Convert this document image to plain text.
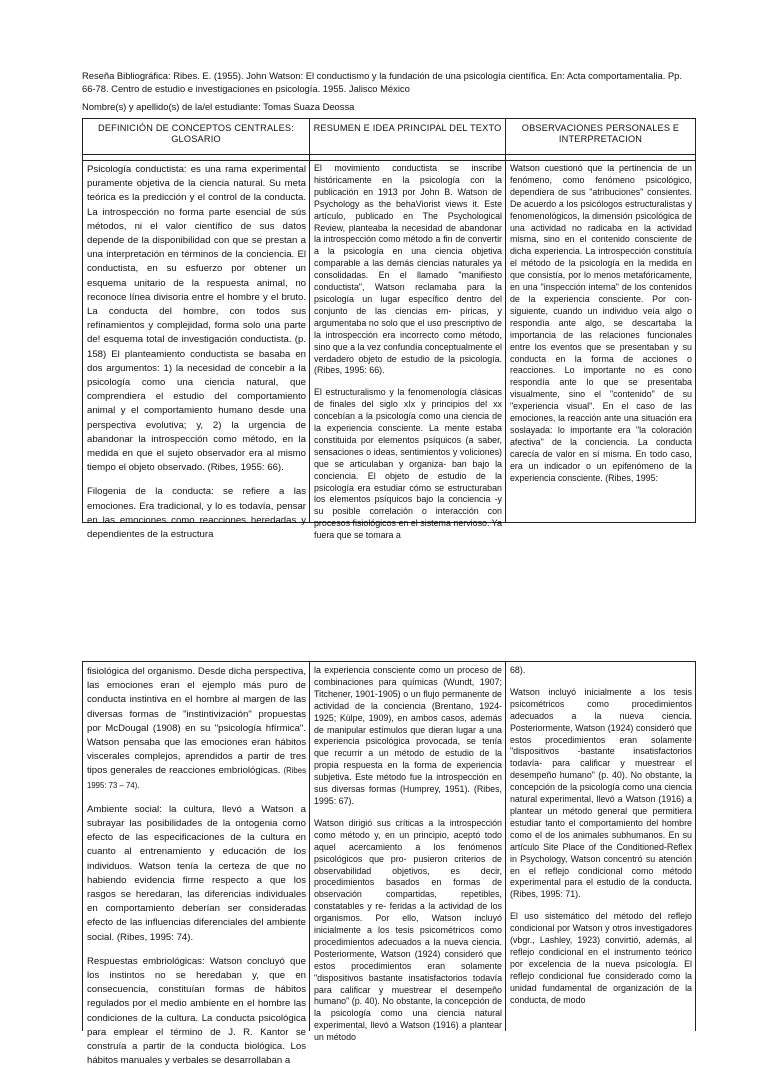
Reseña Bibliográfica: Ribes. E. (1955). John Watson: El conductismo y la fundación de una psicología científica. En: Acta comportamentalia. Pp. 66-78. Centro de estudio e investigaciones en psicología. 1955. Jalisco México
Nombre(s) y apellido(s) de la/el estudiante: Tomas Suaza Deossa
DEFINICIÓN DE CONCEPTOS CENTRALES: GLOSARIO

Psicología conductista: es una rama experimental puramente objetiva de la ciencia natural. Su meta teórica es la predicción y el control de la conducta. La introspección no forma parte esencial de sús métodos, ni el valor científico de sus datos depende de la disponibilidad con que se prestan a una interpretación en términos de la conciencia. El conductista, en su esfuerzo por obtener un esquema unitario de la respuesta animal, no reconoce línea divisoria entre el hombre y el bruto. La conducta del hombre, con todos sus refinamientos y complejidad, forma solo una parte de! esquema total de investigación conductista. (p. 158) El planteamiento conductista se basaba en dos argumentos: 1) la necesidad de concebir a la psicología como una ciencia natural, que comprendiera el estudio del comportamiento animal y el comportamiento humano desde una perspectiva evolutiva; y, 2) la urgencia de abandonar la introspección como método, en la medida en que el sujeto observador era al mismo tiempo el objeto observado. (Ribes, 1955: 66).

Filogenia de la conducta: se refiere a las emociones. Era tradicional, y lo es todavía, pensar en las emociones como reacciones heredadas y dependientes de la estructura

RESUMEN E IDEA PRINCIPAL DEL TEXTO

El movimiento conductista se inscribe históricamente en la psicología con la publicación en 1913 por John B. Watson de Psychology as the behaViorist views it. Este artículo, publicado en The Psychological Review, planteaba la necesidad de abandonar la introspección como método a fin de convertir a la psicología en una ciencia objetiva comparable a las demás ciencias naturales ya consolidadas. En el llamado "manifiesto conductista", Watson reclamaba para la psicología un lugar específico dentro del conjunto de las ciencias em- píricas, y argumentaba no solo que el uso prescriptivo de la introspección era incorrecto como método, sino que a la vez confundía conceptualmente el verdadero objeto de estudio de la psicología. (Ribes, 1995: 66).

El estructuralismo y la fenomenología clásicas de finales del siglo xIx y principios del xx concebían a la psicología como una ciencia de la experiencia consciente. La mente estaba constituida por elementos psíquicos (a saber, sensaciones o ideas, sentimientos y voliciones) que se articulaban y organiza- ban bajo la conciencia. El objeto de estudio de la psicología era estudiar cómo se estructuraban los elementos psíquicos bajo la conciencia -y su posible correlación o interacción con procesos fisiológicos en el sistema nervioso. Ya fuera que se tomara a

OBSERVACIONES PERSONALES E INTERPRETACION

Watson cuestionó que la pertinencia de un fenómeno, como fenómeno psicológico, dependiera de sus "atribuciones" consientes. De acuerdo a los psicólogos estructuralistas y fenomenológicos, la dimensión psicológica de una actividad no radicaba en la actividad misma, sino en el contenido consciente de dicha experiencia. La introspección constituía el método de la psicología en la medida en que consistía, por lo menos metafóricamente, en una "inspección interna" de los contenidos de la experiencia consciente. Por con- siguiente, cuando un individuo veía algo o respondía ante algo, se descartaba la importancia de las relaciones funcionales entre los eventos que se presentaban y su conducta en la forma de acciones o reacciones. Lo importante no es cono respondía ante lo que se presentaba visualmente, sino el "contenido" de su "experiencia visual". En el caso de las emociones, la reacción ante una situación era soslayada: lo importante era "la coloración afectiva" de la conciencia. La conducta carecía de valor en sí misma. En todo caso, era un indicador o un epifenómeno de la experiencia consciente. (Ribes, 1995:

fisiológica del organismo. Desde dicha perspectiva, las emociones eran el ejemplo más puro de conducta instintiva en el hombre al margen de las diversas formas de "instintivización" propuestas por McDougal (1908) en su "psicología hfírmica". Watson pensaba que las emociones eran hábitos viscerales complejos, aprendidos a partir de tres tipos generales de reacciones embriológicas. (Ribes 1995: 73 – 74).

Ambiente social: la cultura, llevó a Watson a subrayar las posibilidades de la ontogenia como efecto de las especificaciones de la cultura en cuanto al entrenamiento y educación de los individuos. Watson tenía la certeza de que no habiendo evidencia firme respecto a que los rasgos se heredaran, las diferencias individuales en comportamiento deberían ser consideradas efecto de las influencias diferenciales del ambiente social. (Ribes, 1995: 74).

Respuestas embriológicas: Watson concluyó que los instintos no se heredaban y, que en consecuencia, constituían formas de hábitos regulados por el medio ambiente en el hombre las condiciones de la cultura. La conducta psicológica para emplear el término de J. R. Kantor se construía a partir de la conducta biológica. Los hábitos manuales y verbales se desarrollaban a

la experiencia consciente como un proceso de combinaciones para químicas (Wundt, 1907; Titchener, 1901-1905) o un flujo permanente de actividad de la conciencia (Brentano, 1924-1925; Külpe, 1909), en ambos casos, además de manipular estímulos que dieran lugar a una experiencia psicológica provocada, se tenía que recurrir a un método de estudio de la propia respuesta en la forma de experiencia subjetiva. Este método fue la introspección en sus diversas formas (Humprey, 1951). (Ribes, 1995: 67).

Watson dirigió sus críticas a la introspección como método y, en un principio, aceptó todo aquel acercamiento a los fenómenos psicológicos que pro- pusieron criterios de observabilidad objetivos, es decir, procedimientos basados en formas de observación compartidas, repetibles, constatables y re- feridas a la actividad de los organismos. Por ello, Watson incluyó inicialmente a los tesis psicométricos como procedimientos adecuados a la nueva ciencia. Posteriormente, Watson (1924) consideró que estos procedimientos eran solamente "dispositivos bastante insatisfactorios todavía para calificar y muestrear el desempeño humano" (p. 40). No obstante, la concepción de la psicología como una ciencia natural experimental, llevó a Watson (1916) a plantear un método

68).

Watson incluyó inicialmente a los tesis psicométricos como procedimientos adecuados a la nueva ciencia. Posteriormente, Watson (1924) consideró que estos procedimientos eran solamente "dispositivos -bastante insatisfactorios todavía- para calificar y muestrear el desempeño humano" (p. 40). No obstante, la concepción de la psicología como una ciencia natural experimental, llevó a Watson (1916) a plantear un método general que permitiera estudiar tanto el comportamiento del hombre como el de los animales subhumanos. En su artículo Site Place of the Conditioned-Reflex in Psychology, Watson concentró su atención en el reflejo condicional como método experimental para el estudio de la conducta. (Ribes, 1995: 71).

El uso sistemático del método del reflejo condicional por Watson y otros investigadores (vbgr., Lashley, 1923) convirtió, además, al reflejo condicional en el instrumento teórico por excelencia de la nueva psicología. El reflejo condicional fue considerado como la unidad fundamental de organización de la conducta, de modo
